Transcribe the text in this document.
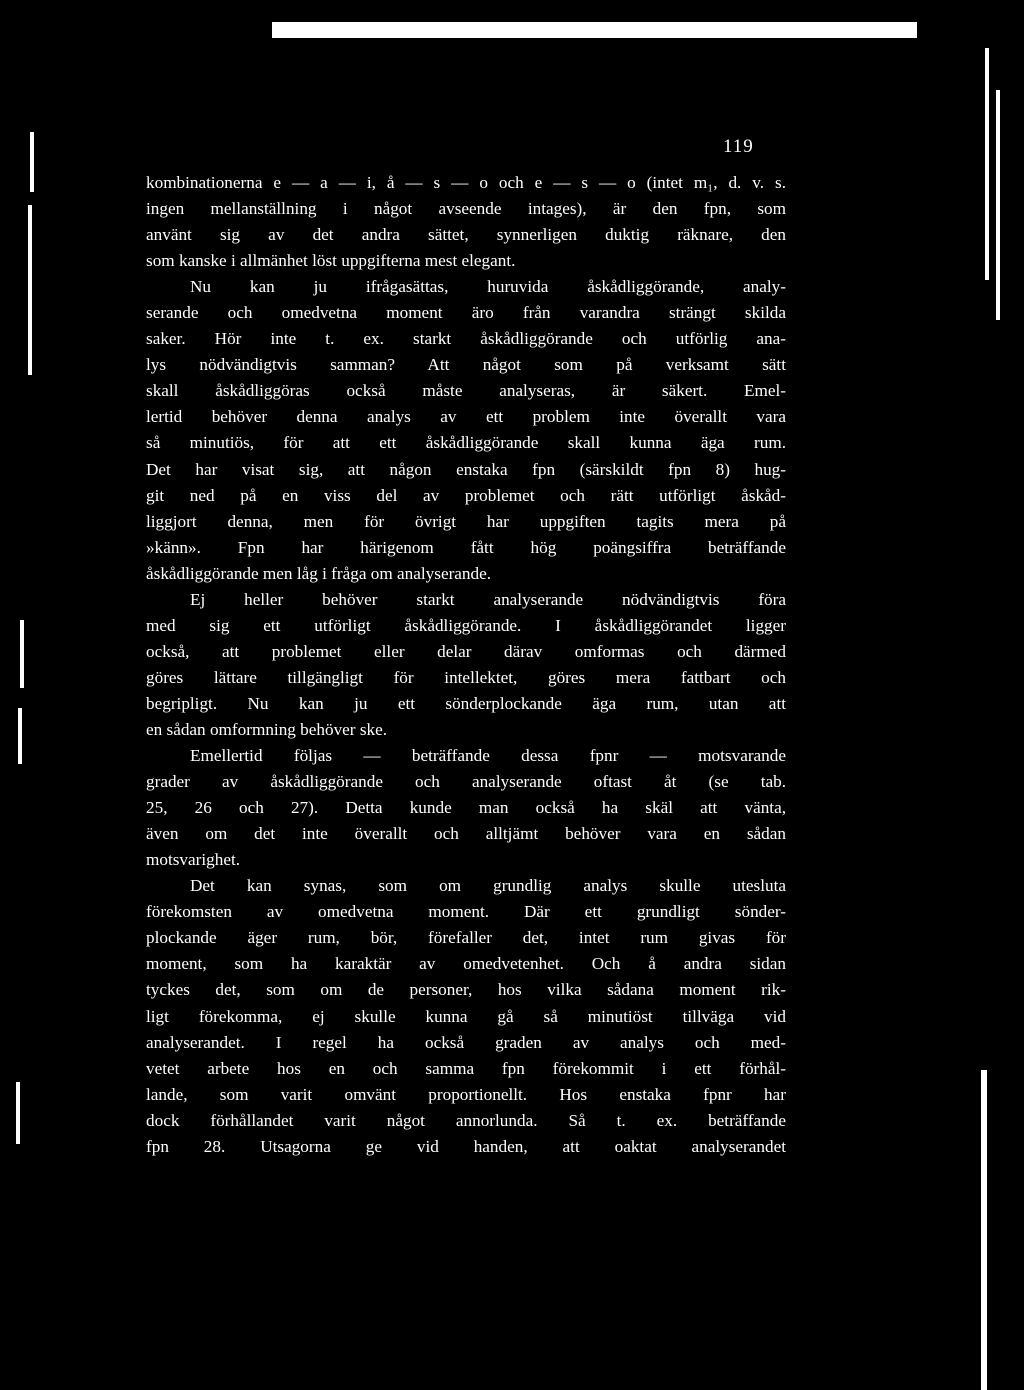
119
kombinationerna e — a — i, å — s — o och e — s — o (intet m₁, d. v. s.
ingen mellanställning i något avseende intages), är den fpn, som
använt sig av det andra sättet, synnerligen duktig räknare, den
som kanske i allmänhet löst uppgifterna mest elegant.
Nu kan ju ifrågasättas, huruvida åskådliggörande, analy-
serande och omedvetna moment äro från varandra strängt skilda
saker. Hör inte t. ex. starkt åskådliggörande och utförlig ana-
lys nödvändigtvis samman? Att något som på verksamt sätt
skall åskådliggöras också måste analyseras, är säkert. Emel-
lertid behöver denna analys av ett problem inte överallt vara
så minutiös, för att ett åskådliggörande skall kunna äga rum.
Det har visat sig, att någon enstaka fpn (särskildt fpn 8) hug-
git ned på en viss del av problemet och rätt utförligt åskåd-
liggjort denna, men för övrigt har uppgiften tagits mera på
»känn». Fpn har härigenom fått hög poängsiffra beträffande
åskådliggörande men låg i fråga om analyserande.
Ej heller behöver starkt analyserande nödvändigtvis föra
med sig ett utförligt åskådliggörande. I åskådliggörandet ligger
också, att problemet eller delar därav omformas och därmed
göres lättare tillgängligt för intellektet, göres mera fattbart och
begripligt. Nu kan ju ett sönderplockande äga rum, utan att
en sådan omformning behöver ske.
Emellertid följas — beträffande dessa fpnr — motsvarande
grader av åskådliggörande och analyserande oftast åt (se tab.
25, 26 och 27). Detta kunde man också ha skäl att vänta,
även om det inte överallt och alltjämt behöver vara en sådan
motsvarighet.
Det kan synas, som om grundlig analys skulle utesluta
förekomsten av omedvetna moment. Där ett grundligt sönder-
plockande äger rum, bör, förefaller det, intet rum givas för
moment, som ha karaktär av omedvetenhet. Och å andra sidan
tyckes det, som om de personer, hos vilka sådana moment rik-
ligt förekomma, ej skulle kunna gå så minutiöst tillväga vid
analyserandet. I regel ha också graden av analys och med-
vetet arbete hos en och samma fpn förekommit i ett förhål-
lande, som varit omvänt proportionellt. Hos enstaka fpnr har
dock förhållandet varit något annorlunda. Så t. ex. beträffande
fpn 28. Utsagorna ge vid handen, att oaktat analyserandet
